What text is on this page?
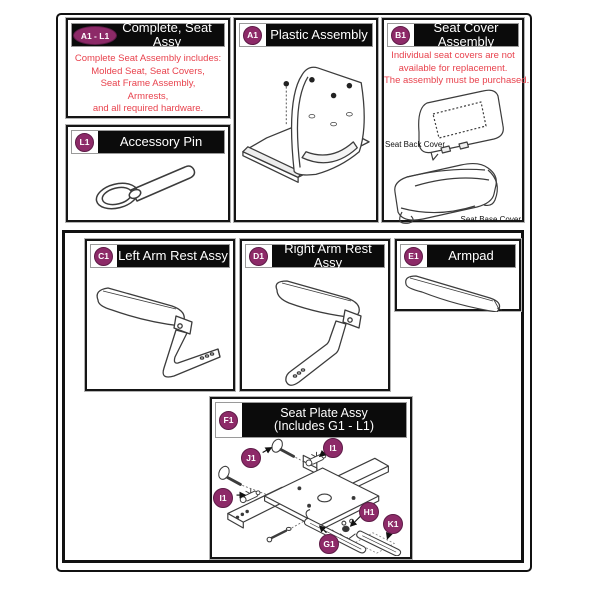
A1 - L1
Complete, Seat Assy
Complete Seat Assembly includes:
Molded Seat, Seat Covers,
Seat Frame Assembly,
Armrests,
and all required hardware.
L1	Accessory Pin
A1 Plastic Assembly	B1	Seat Cover Assembly
Individual seat covers are not
available for replacement.
The assembly must be purchased.
Seat Back Cover
Seat Base Cover
C1 Left Arm Rest Assy	D1	Right Arm Rest Assy	E1	Armpad
F1
Seat Plate Assy
(Includes G1 - L1)
J1
I1
I1
H1
K1
G1
